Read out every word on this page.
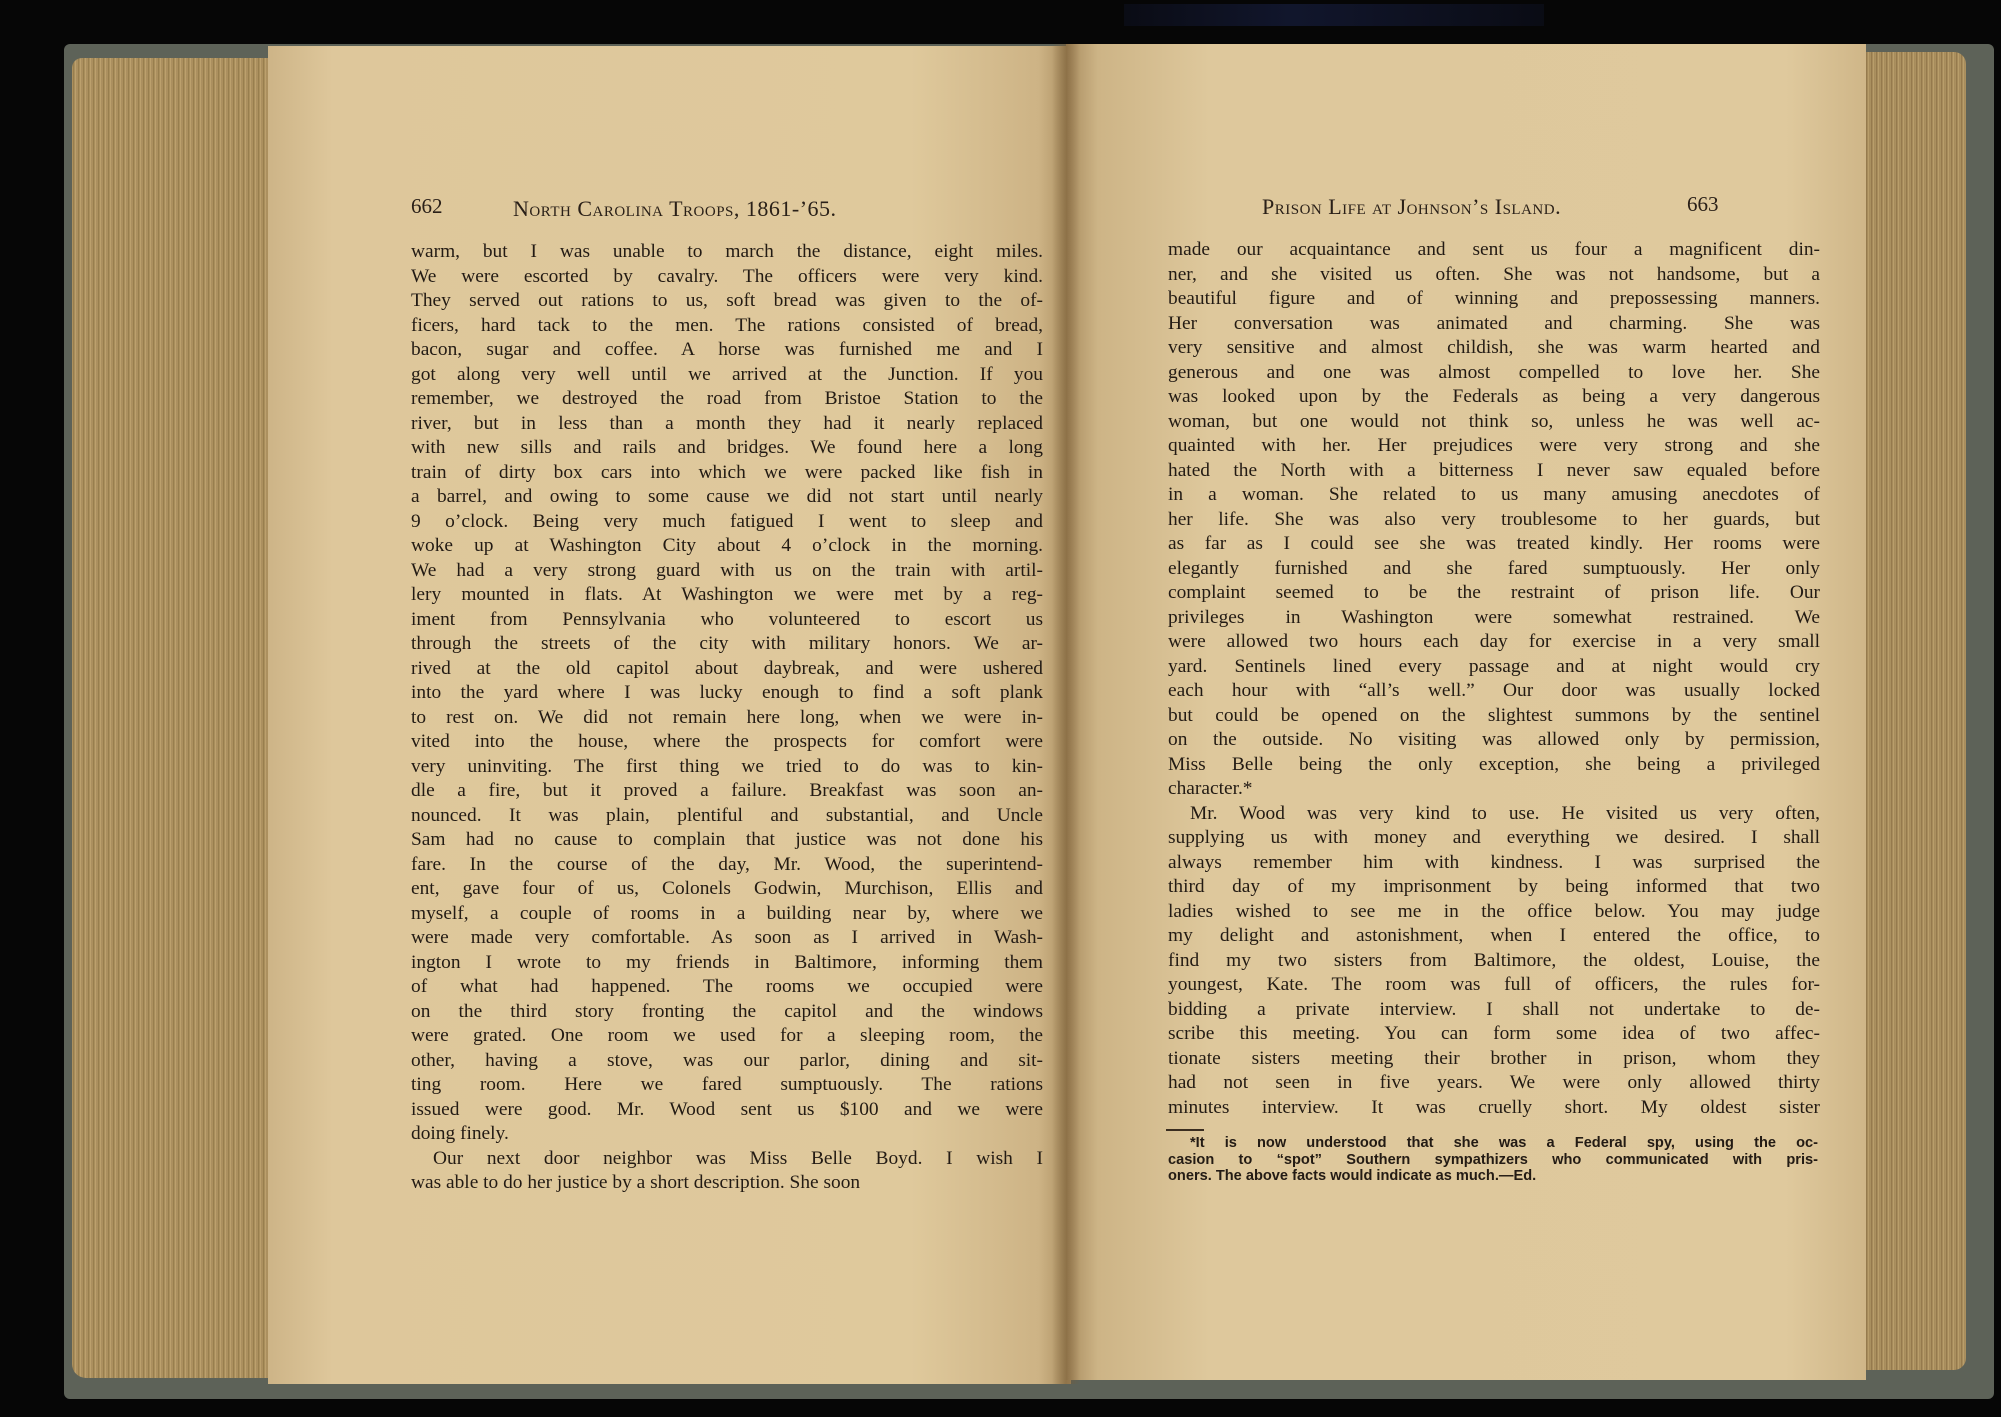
662	North Carolina Troops, 1861-’65.
warm, but I was unable to march the distance, eight miles.
We were escorted by cavalry. The officers were very kind.
They served out rations to us, soft bread was given to the of-
ficers, hard tack to the men. The rations consisted of bread,
bacon, sugar and coffee. A horse was furnished me and I
got along very well until we arrived at the Junction. If you
remember, we destroyed the road from Bristoe Station to the
river, but in less than a month they had it nearly replaced
with new sills and rails and bridges. We found here a long
train of dirty box cars into which we were packed like fish in
a barrel, and owing to some cause we did not start until nearly
9 o’clock. Being very much fatigued I went to sleep and
woke up at Washington City about 4 o’clock in the morning.
We had a very strong guard with us on the train with artil-
lery mounted in flats. At Washington we were met by a reg-
iment from Pennsylvania who volunteered to escort us
through the streets of the city with military honors. We ar-
rived at the old capitol about daybreak, and were ushered
into the yard where I was lucky enough to find a soft plank
to rest on. We did not remain here long, when we were in-
vited into the house, where the prospects for comfort were
very uninviting. The first thing we tried to do was to kin-
dle a fire, but it proved a failure. Breakfast was soon an-
nounced. It was plain, plentiful and substantial, and Uncle
Sam had no cause to complain that justice was not done his
fare. In the course of the day, Mr. Wood, the superintend-
ent, gave four of us, Colonels Godwin, Murchison, Ellis and
myself, a couple of rooms in a building near by, where we
were made very comfortable. As soon as I arrived in Wash-
ington I wrote to my friends in Baltimore, informing them
of what had happened. The rooms we occupied were
on the third story fronting the capitol and the windows
were grated. One room we used for a sleeping room, the
other, having a stove, was our parlor, dining and sit-
ting room. Here we fared sumptuously. The rations
issued were good. Mr. Wood sent us $100 and we were
doing finely.
Our next door neighbor was Miss Belle Boyd. I wish I
was able to do her justice by a short description. She soon
Prison Life at Johnson’s Island.	663
made our acquaintance and sent us four a magnificent din-
ner, and she visited us often. She was not handsome, but a
beautiful figure and of winning and prepossessing manners.
Her conversation was animated and charming. She was
very sensitive and almost childish, she was warm hearted and
generous and one was almost compelled to love her. She
was looked upon by the Federals as being a very dangerous
woman, but one would not think so, unless he was well ac-
quainted with her. Her prejudices were very strong and she
hated the North with a bitterness I never saw equaled before
in a woman. She related to us many amusing anecdotes of
her life. She was also very troublesome to her guards, but
as far as I could see she was treated kindly. Her rooms were
elegantly furnished and she fared sumptuously. Her only
complaint seemed to be the restraint of prison life. Our
privileges in Washington were somewhat restrained. We
were allowed two hours each day for exercise in a very small
yard. Sentinels lined every passage and at night would cry
each hour with “all’s well.” Our door was usually locked
but could be opened on the slightest summons by the sentinel
on the outside. No visiting was allowed only by permission,
Miss Belle being the only exception, she being a privileged
character.*
Mr. Wood was very kind to use. He visited us very often,
supplying us with money and everything we desired. I shall
always remember him with kindness. I was surprised the
third day of my imprisonment by being informed that two
ladies wished to see me in the office below. You may judge
my delight and astonishment, when I entered the office, to
find my two sisters from Baltimore, the oldest, Louise, the
youngest, Kate. The room was full of officers, the rules for-
bidding a private interview. I shall not undertake to de-
scribe this meeting. You can form some idea of two affec-
tionate sisters meeting their brother in prison, whom they
had not seen in five years. We were only allowed thirty
minutes interview. It was cruelly short. My oldest sister
*It is now understood that she was a Federal spy, using the oc-
casion to “spot” Southern sympathizers who communicated with pris-
oners. The above facts would indicate as much.—Ed.
